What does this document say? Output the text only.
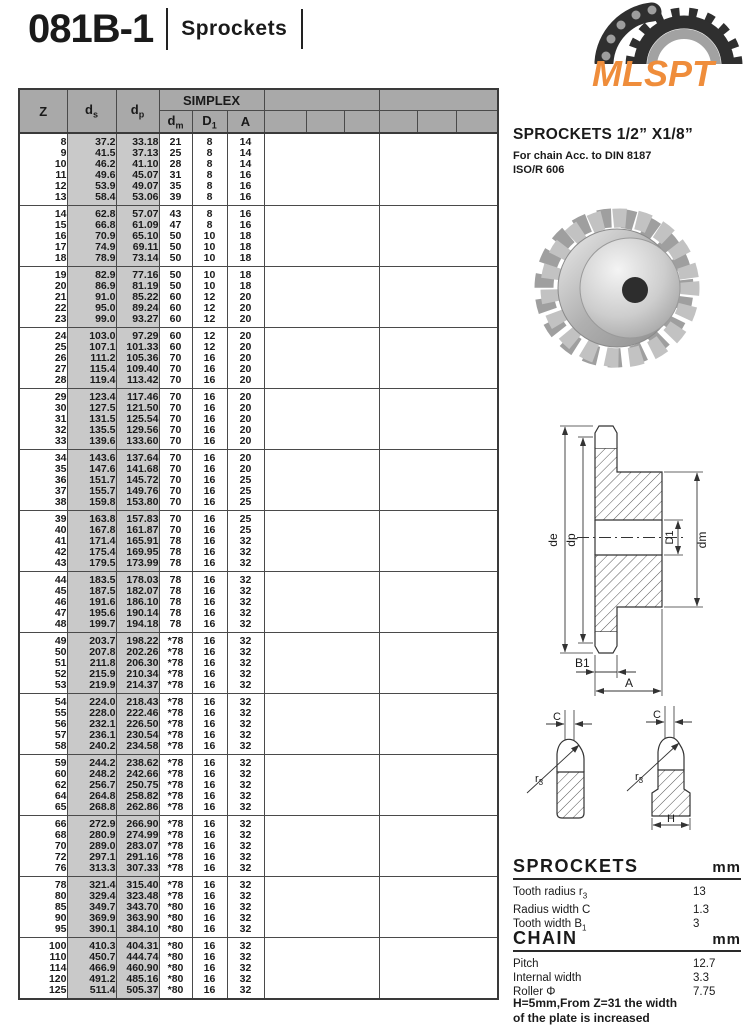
081B-1 Sprockets
MLSPT
Z	$d_s$	$d_p$	SIMPLEX								
			$d_m$	$D_1$	A						
8	37.2	33.18	21	8	14						
9	41.5	37.13	25	8	14						
10	46.2	41.10	28	8	14						
11	49.6	45.07	31	8	16						
12	53.9	49.07	35	8	16						
13	58.4	53.06	39	8	16						
14	62.8	57.07	43	8	16						
15	66.8	61.09	47	8	16						
16	70.9	65.10	50	10	18						
17	74.9	69.11	50	10	18						
18	78.9	73.14	50	10	18						
19	82.9	77.16	50	10	18						
20	86.9	81.19	50	10	18						
21	91.0	85.22	60	12	20						
22	95.0	89.24	60	12	20						
23	99.0	93.27	60	12	20						
24	103.0	97.29	60	12	20						
25	107.1	101.33	60	12	20						
26	111.2	105.36	70	16	20						
27	115.4	109.40	70	16	20						
28	119.4	113.42	70	16	20						
29	123.4	117.46	70	16	20						
30	127.5	121.50	70	16	20						
31	131.5	125.54	70	16	20						
32	135.5	129.56	70	16	20						
33	139.6	133.60	70	16	20						
34	143.6	137.64	70	16	20						
35	147.6	141.68	70	16	20						
36	151.7	145.72	70	16	25						
37	155.7	149.76	70	16	25						
38	159.8	153.80	70	16	25						
39	163.8	157.83	70	16	25						
40	167.8	161.87	70	16	25						
41	171.4	165.91	78	16	32						
42	175.4	169.95	78	16	32						
43	179.5	173.99	78	16	32						
44	183.5	178.03	78	16	32						
45	187.5	182.07	78	16	32						
46	191.6	186.10	78	16	32						
47	195.6	190.14	78	16	32						
48	199.7	194.18	78	16	32						
49	203.7	198.22	*78	16	32						
50	207.8	202.26	*78	16	32						
51	211.8	206.30	*78	16	32						
52	215.9	210.34	*78	16	32						
53	219.9	214.37	*78	16	32						
54	224.0	218.43	*78	16	32						
55	228.0	222.46	*78	16	32						
56	232.1	226.50	*78	16	32						
57	236.1	230.54	*78	16	32						
58	240.2	234.58	*78	16	32						
59	244.2	238.62	*78	16	32						
60	248.2	242.66	*78	16	32						
62	256.7	250.75	*78	16	32						
64	264.8	258.82	*78	16	32						
65	268.8	262.86	*78	16	32						
66	272.9	266.90	*78	16	32						
68	280.9	274.99	*78	16	32						
70	289.0	283.07	*78	16	32						
72	297.1	291.16	*78	16	32						
76	313.3	307.33	*78	16	32						
78	321.4	315.40	*78	16	32						
80	329.4	323.48	*78	16	32						
85	349.7	343.70	*80	16	32						
90	369.9	363.90	*80	16	32						
95	390.1	384.10	*80	16	32						
100	410.3	404.31	*80	16	32						
110	450.7	444.74	*80	16	32						
114	466.9	460.90	*80	16	32						
120	491.2	485.16	*80	16	32						
125	511.4	505.37	*80	16	32						
SPROCKETS 1/2” X1/8”
For chain Acc. to DIN 8187
ISO/R 606
de dp	dm
D1
B1
A
C
$r_3$
C
$r_3$
H
SPROCKETS	mm
Tooth radius $r_3$	13
Radius width C	1.3
Tooth width $B_1$	3
CHAIN	mm
Pitch	12.7
Internal width	3.3
Roller Φ	7.75
H=5mm,From Z=31 the width
of the plate is increased
